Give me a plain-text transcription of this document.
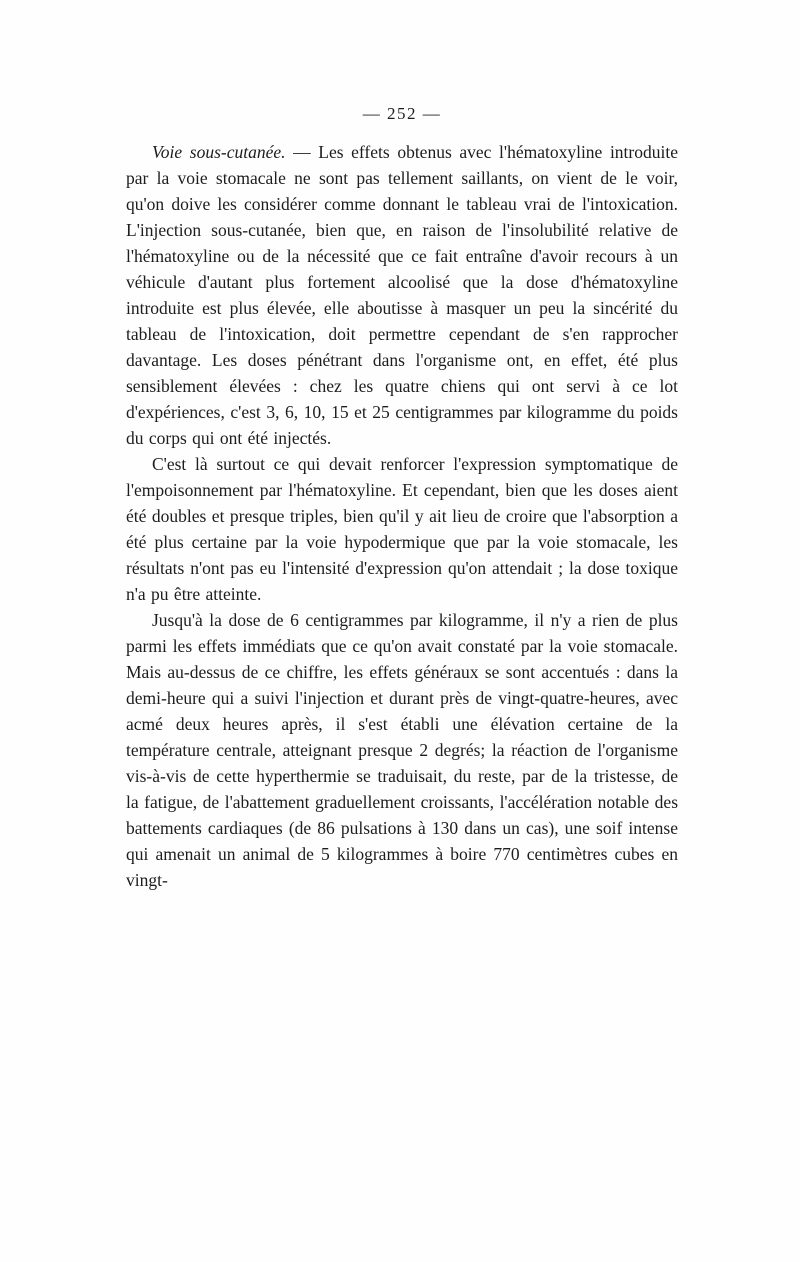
— 252 —

Voie sous-cutanée. — Les effets obtenus avec l'hématoxyline introduite par la voie stomacale ne sont pas tellement saillants, on vient de le voir, qu'on doive les considérer comme donnant le tableau vrai de l'intoxication. L'injection sous-cutanée, bien que, en raison de l'insolubilité relative de l'hématoxyline ou de la nécessité que ce fait entraîne d'avoir recours à un véhicule d'autant plus fortement alcoolisé que la dose d'hématoxyline introduite est plus élevée, elle aboutisse à masquer un peu la sincérité du tableau de l'intoxication, doit permettre cependant de s'en rapprocher davantage. Les doses pénétrant dans l'organisme ont, en effet, été plus sensiblement élevées : chez les quatre chiens qui ont servi à ce lot d'expériences, c'est 3, 6, 10, 15 et 25 centigrammes par kilogramme du poids du corps qui ont été injectés.

C'est là surtout ce qui devait renforcer l'expression symptomatique de l'empoisonnement par l'hématoxyline. Et cependant, bien que les doses aient été doubles et presque triples, bien qu'il y ait lieu de croire que l'absorption a été plus certaine par la voie hypodermique que par la voie stomacale, les résultats n'ont pas eu l'intensité d'expression qu'on attendait ; la dose toxique n'a pu être atteinte.

Jusqu'à la dose de 6 centigrammes par kilogramme, il n'y a rien de plus parmi les effets immédiats que ce qu'on avait constaté par la voie stomacale. Mais au-dessus de ce chiffre, les effets généraux se sont accentués : dans la demi-heure qui a suivi l'injection et durant près de vingt-quatre-heures, avec acmé deux heures après, il s'est établi une élévation certaine de la température centrale, atteignant presque 2 degrés; la réaction de l'organisme vis-à-vis de cette hyperthermie se traduisait, du reste, par de la tristesse, de la fatigue, de l'abattement graduellement croissants, l'accélération notable des battements cardiaques (de 86 pulsations à 130 dans un cas), une soif intense qui amenait un animal de 5 kilogrammes à boire 770 centimètres cubes en vingt-
